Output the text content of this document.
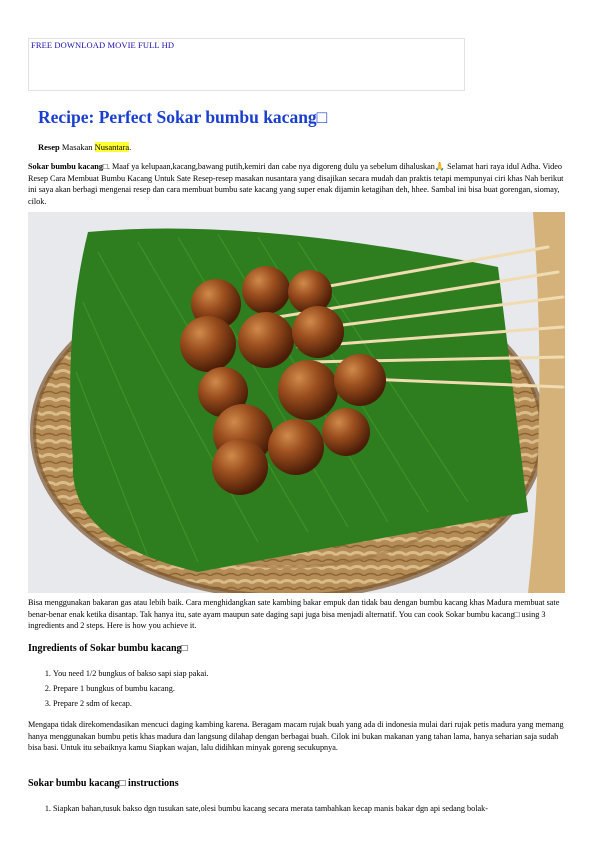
FREE DOWNLOAD MOVIE FULL HD
Recipe: Perfect Sokar bumbu kacang□
Resep Masakan Nusantara.
Sokar bumbu kacang□. Maaf ya kelupaan,kacang,bawang putih,kemiri dan cabe nya digoreng dulu ya sebelum dihaluskan🙏 Selamat hari raya idul Adha. Video Resep Cara Membuat Bumbu Kacang Untuk Sate Resep-resep masakan nusantara yang disajikan secara mudah dan praktis tetapi mempunyai ciri khas Nah berikut ini saya akan berbagi mengenai resep dan cara membuat bumbu sate kacang yang super enak dijamin ketagihan deh, hhee. Sambal ini bisa buat gorengan, siomay, cilok.
Bisa menggunakan bakaran gas atau lebih baik. Cara menghidangkan sate kambing bakar empuk dan tidak bau dengan bumbu kacang khas Madura membuat sate benar-benar enak ketika disantap. Tak hanya itu, sate ayam maupun sate daging sapi juga bisa menjadi alternatif. You can cook Sokar bumbu kacang□ using 3 ingredients and 2 steps. Here is how you achieve it.
Ingredients of Sokar bumbu kacang□
1. You need 1/2 bungkus of bakso sapi siap pakai.
2. Prepare 1 bungkus of bumbu kacang.
3. Prepare 2 sdm of kecap.
Mengapa tidak direkomendasikan mencuci daging kambing karena. Beragam macam rujak buah yang ada di indonesia mulai dari rujak petis madura yang memang hanya menggunakan bumbu petis khas madura dan langsung dilahap dengan berbagai buah. Cilok ini bukan makanan yang tahan lama, hanya seharian saja sudah bisa basi. Untuk itu sebaiknya kamu Siapkan wajan, lalu didihkan minyak goreng secukupnya.
Sokar bumbu kacang□ instructions
1. Siapkan bahan,tusuk bakso dgn tusukan sate,olesi bumbu kacang secara merata tambahkan kecap manis bakar dgn api sedang bolak-
